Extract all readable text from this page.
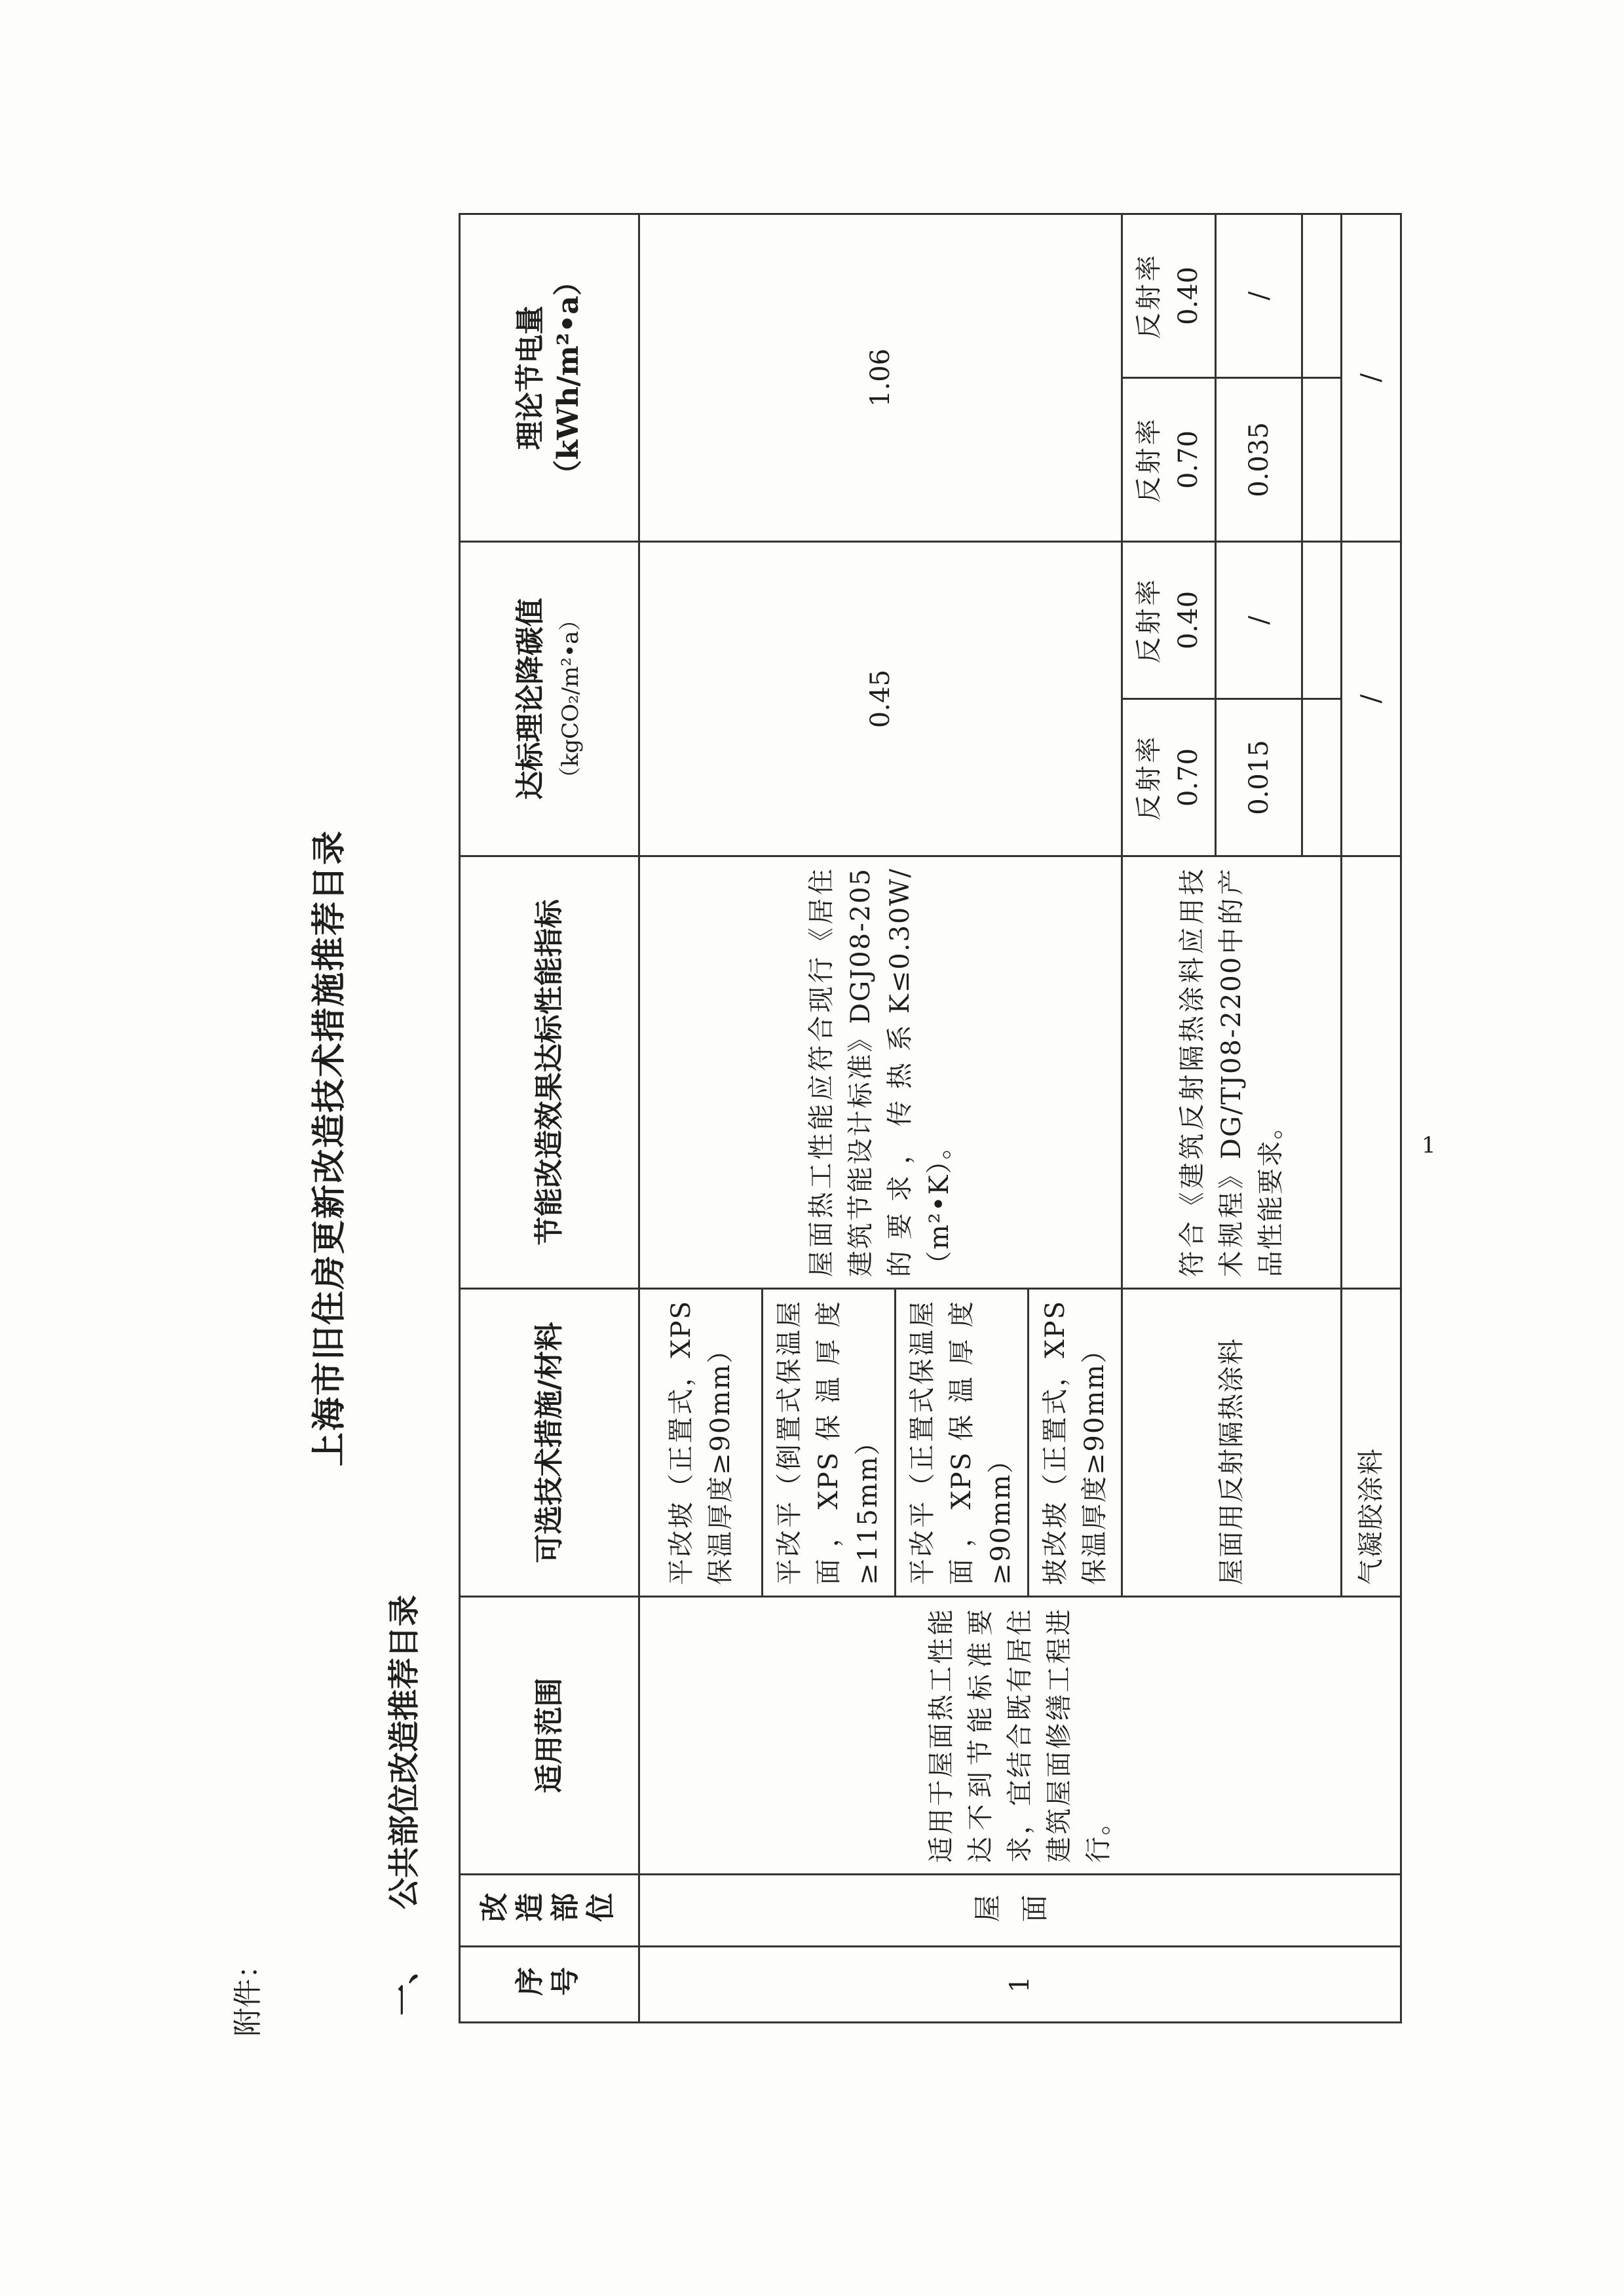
1
附件：
上海市旧住房更新改造技术措施推荐目录
一、公共部位改造推荐目录
序号	改造部位	适用范围	可选技术措施/材料	节能改造效果达标性能指标	达标理论降碳值 （kgCO₂/m²•a）		理论节电量（kWh/m²•a）	
1	屋面	适用于屋面热工性能达不到节能标准要求，宜结合既有居住建筑屋面修缮工程进行。	平改坡（正置式，XPS保温厚度≥90mm）	屋面热工性能应符合现行《居住建筑节能设计标准》DGJ08-205的要求，传热系K≤0.30W/（m²•K）。	0.45		1.06	
			平改平（倒置式保温屋面，XPS保温厚度≥115mm）					
			平改平（正置式保温屋面，XPS保温厚度≥90mm）					
			坡改坡（正置式，XPS保温厚度≥90mm）					
			屋面用反射隔热涂料	符合《建筑反射隔热涂料应用技术规程》DG/TJ08-2200中的产品性能要求。	反射率 0.70	反射率 0.40	反射率 0.70	反射率 0.40
					0.015	/	0.035	/

			气凝胶涂料		/		/	
